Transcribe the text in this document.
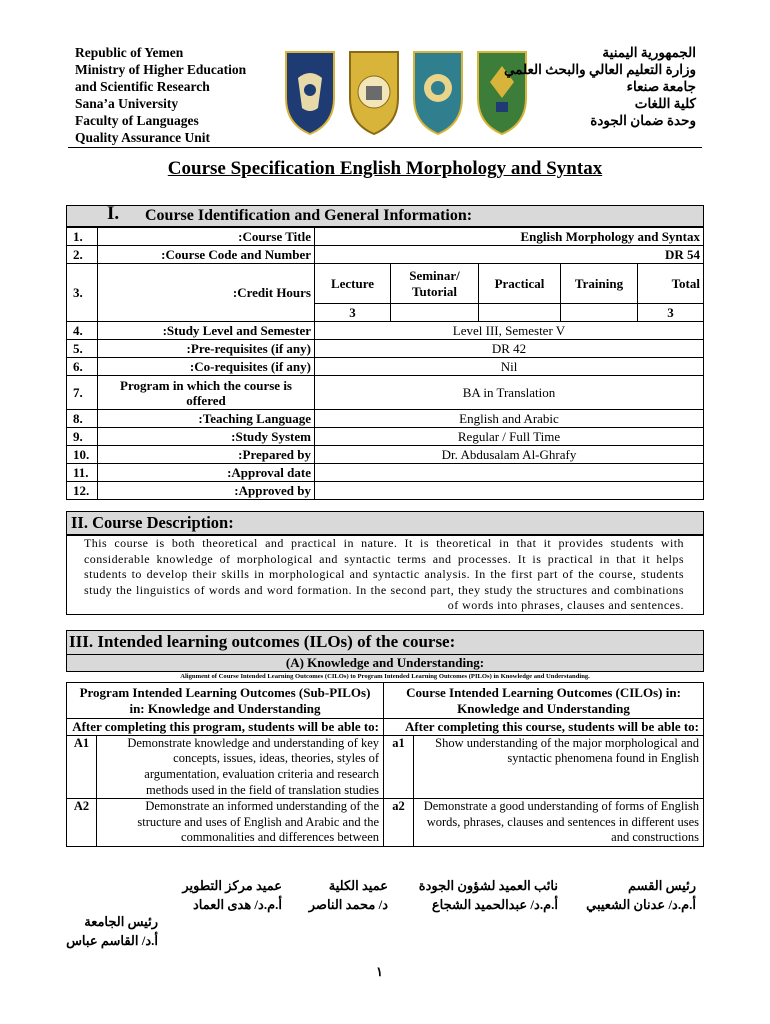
Republic of Yemen
Ministry of Higher Education
and Scientific Research
Sana’a University
Faculty of Languages
Quality Assurance Unit
الجمهورية اليمنية
وزارة التعليم العالي والبحث العلمي
جامعة صنعاء
كلية اللغات
وحدة ضمان الجودة
Course Specification English Morphology and Syntax
I. Course Identification and General Information:
1.	:Course Title	English Morphology and Syntax				
2.	:Course Code and Number	DR 54				
3.	:Credit Hours	Lecture	Seminar/ Tutorial	Practical	Training	Total
		3				3
4.	:Study Level and Semester	Level III, Semester V				
5.	:Pre-requisites (if any)	DR 42				
6.	:Co-requisites (if any)	Nil				
7.	Program in which the course is offered	BA in Translation				
8.	:Teaching Language	English and Arabic				
9.	:Study System	Regular / Full Time				
10.	:Prepared by	Dr. Abdusalam Al-Ghrafy				
11.	:Approval date					
12.	:Approved by					
II. Course Description:
This course is both theoretical and practical in nature. It is theoretical in that it provides students with considerable knowledge of morphological and syntactic terms and processes. It is practical in that it helps students to develop their skills in morphological and syntactic analysis. In the first part of the course, students study the linguistics of words and word formation. In the second part, they study the structures and combinations of words into phrases, clauses and sentences.
III. Intended learning outcomes (ILOs) of the course:
(A) Knowledge and Understanding:
Alignment of Course Intended Learning Outcomes (CILOs) to Program Intended Learning Outcomes (PILOs) in Knowledge and Understanding.
Program Intended Learning Outcomes (Sub-PILOs) in: Knowledge and Understanding		Course Intended Learning Outcomes (CILOs) in: Knowledge and Understanding	
After completing this program, students will be able to:		After completing this course, students will be able to:	
A1	Demonstrate knowledge and understanding of key concepts, issues, ideas, theories, styles of argumentation, evaluation criteria and research methods used in the field of translation studies	a1	Show understanding of the major morphological and syntactic phenomena found in English
A2	Demonstrate an informed understanding of the structure and uses of English and Arabic and the commonalities and differences between	a2	Demonstrate a good understanding of forms of English words, phrases, clauses and sentences in different uses and constructions
رئيس القسم
أ.م.د/ عدنان الشعيبي
نائب العميد لشؤون الجودة
أ.م.د/ عبدالحميد الشجاع
عميد الكلية
د/ محمد الناصر
عميد مركز التطوير
أ.م.د/ هدى العماد
رئيس الجامعة
أ.د/ القاسم عباس
١
